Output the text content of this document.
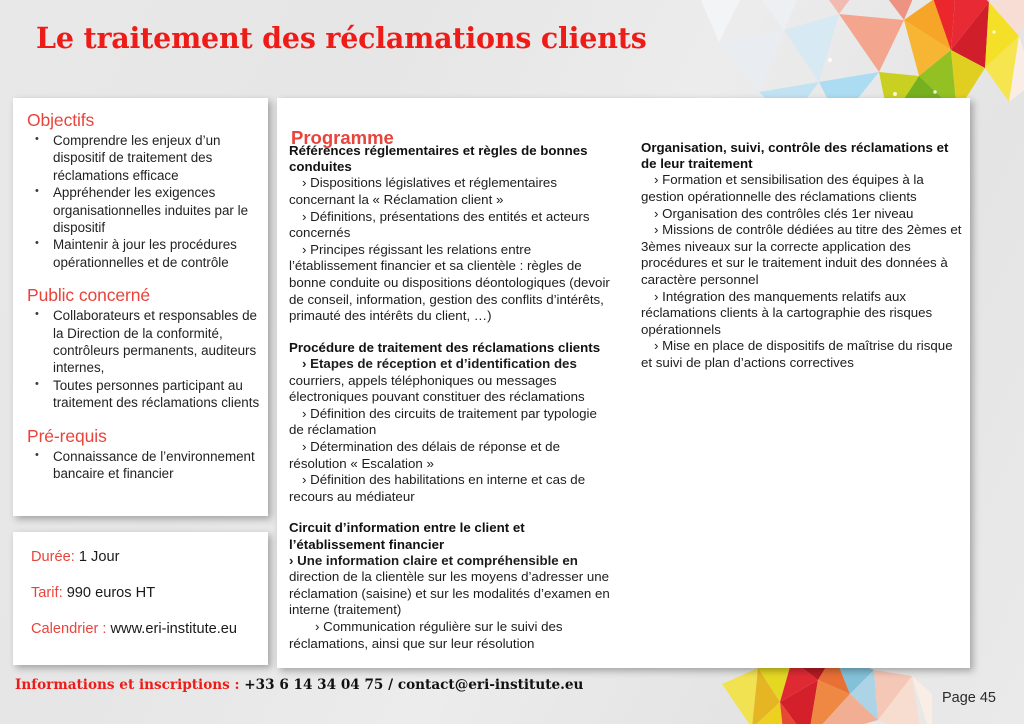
Le traitement des réclamations clients
Objectifs
• Comprendre les enjeux d’un dispositif de traitement des réclamations efficace
• Appréhender les exigences organisationnelles induites par le dispositif
• Maintenir à jour les procédures opérationnelles et de contrôle
Public concerné
• Collaborateurs et responsables de la Direction de la conformité, contrôleurs permanents, auditeurs internes,
• Toutes personnes participant au traitement des réclamations clients
Pré-requis
• Connaissance de l’environnement bancaire et financier
Durée: 1 Jour
Tarif: 990 euros HT
Calendrier : www.eri-institute.eu
Programme
Références réglementaires et règles de bonnes conduites
› Dispositions législatives et réglementaires concernant la « Réclamation client »
› Définitions, présentations des entités et acteurs concernés
› Principes régissant les relations entre l’établissement financier et sa clientèle : règles de bonne conduite ou dispositions déontologiques (devoir de conseil, information, gestion des conflits d’intérêts, primauté des intérêts du client, …)
Procédure de traitement des réclamations clients
› Etapes de réception et d’identification des
courriers, appels téléphoniques ou messages électroniques pouvant constituer des réclamations
› Définition des circuits de traitement par typologie de réclamation
› Détermination des délais de réponse et de résolution « Escalation »
› Définition des habilitations en interne et cas de recours au médiateur
Circuit d’information entre le client et l’établissement financier
› Une information claire et compréhensible en
direction de la clientèle sur les moyens d’adresser une réclamation (saisine) et sur les modalités d’examen en interne (traitement)
› Communication régulière sur le suivi des réclamations, ainsi que sur leur résolution
Organisation, suivi, contrôle des réclamations et de leur traitement
› Formation et sensibilisation des équipes à la gestion opérationnelle des réclamations clients
› Organisation des contrôles clés 1er niveau
› Missions de contrôle dédiées au titre des 2èmes et 3èmes niveaux sur la correcte application des procédures et sur le traitement induit des données à caractère personnel
› Intégration des manquements relatifs aux réclamations clients à la cartographie des risques opérationnels
› Mise en place de dispositifs de maîtrise du risque et suivi de plan d’actions correctives
Informations et inscriptions : +33 6 14 34 04 75 / contact@eri-institute.eu
Page 45
